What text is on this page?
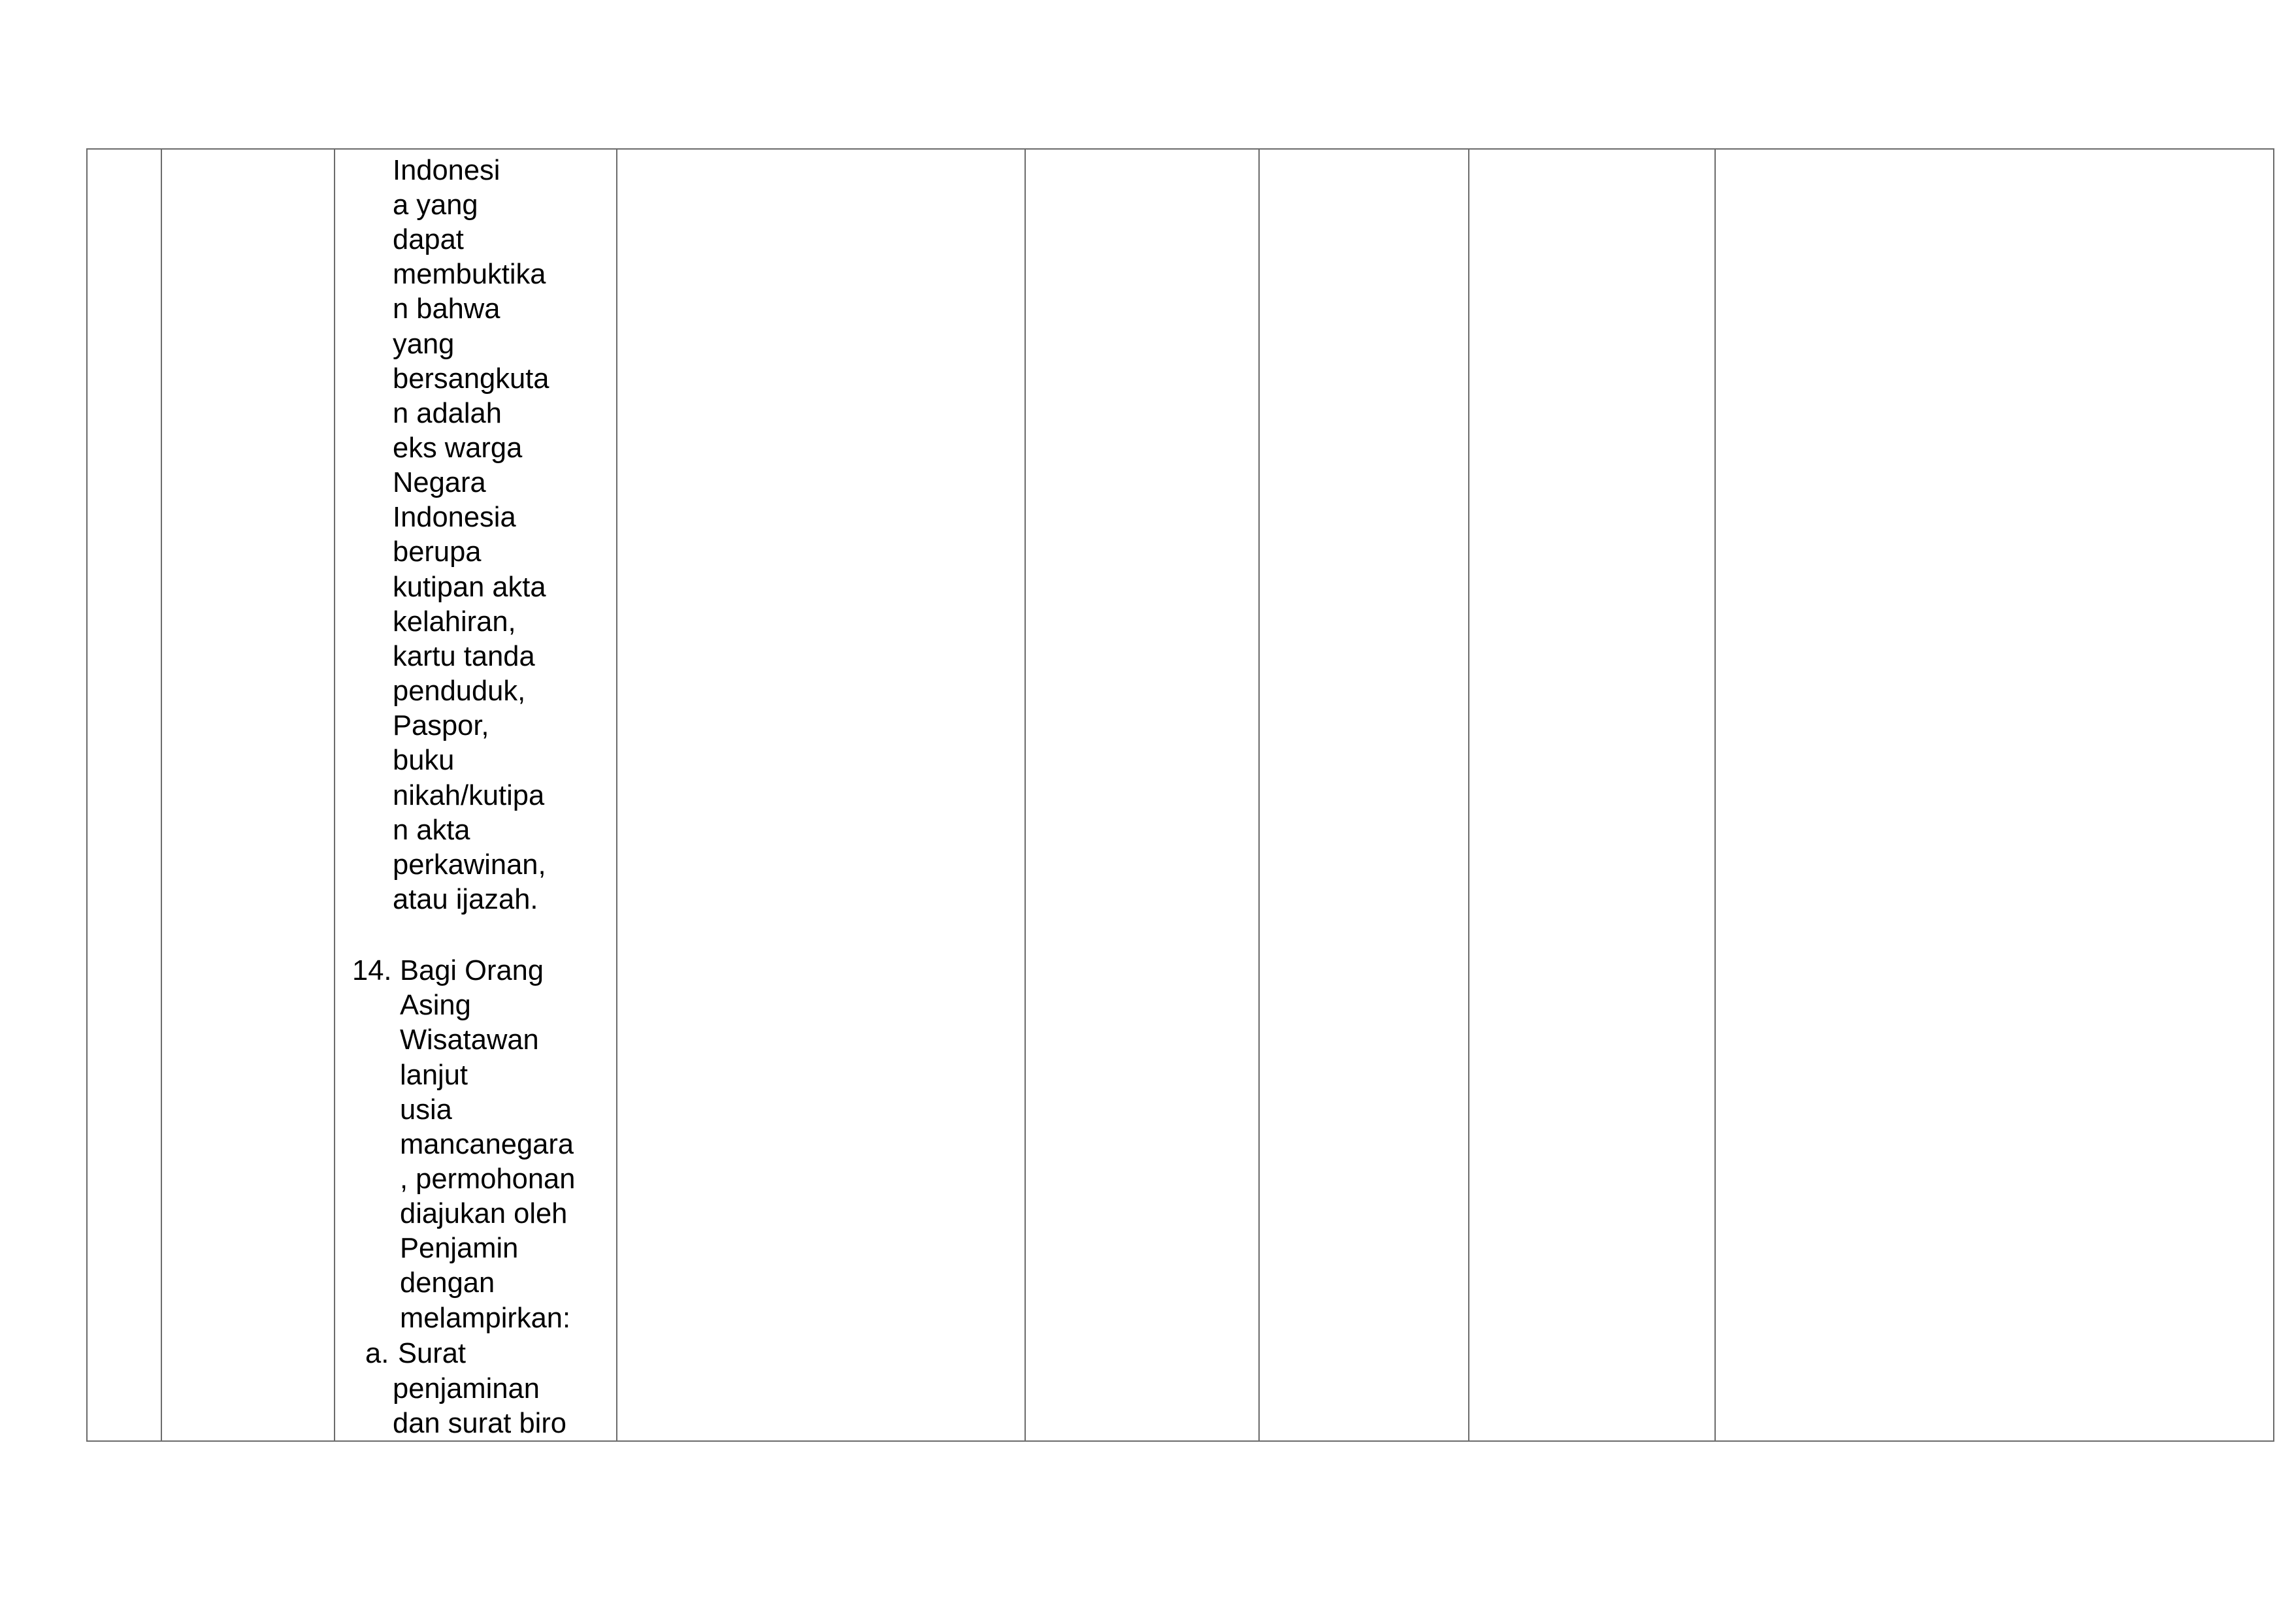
Indonesi
a yang
dapat
membuktika
n bahwa
yang
bersangkuta
n adalah
eks warga
Negara
Indonesia
berupa
kutipan akta
kelahiran,
kartu tanda
penduduk,
Paspor,
buku
nikah/kutipa
n akta
perkawinan,
atau ijazah.
14. Bagi Orang
Asing
Wisatawan
lanjut
usia
mancanegara
, permohonan
diajukan oleh
Penjamin
dengan
melampirkan:
a. Surat
penjaminan
dan surat biro
